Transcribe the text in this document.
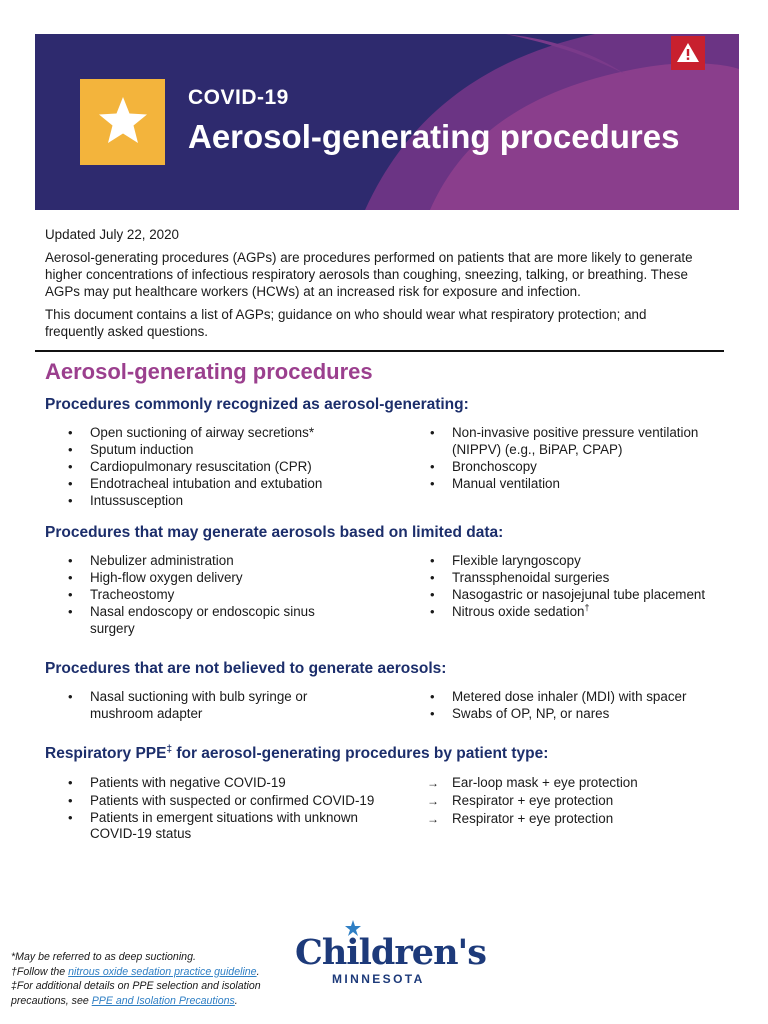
COVID-19
Aerosol-generating procedures
Updated July 22, 2020
Aerosol-generating procedures (AGPs) are procedures performed on patients that are more likely to generate higher concentrations of infectious respiratory aerosols than coughing, sneezing, talking, or breathing. These AGPs may put healthcare workers (HCWs) at an increased risk for exposure and infection.
This document contains a list of AGPs; guidance on who should wear what respiratory protection; and frequently asked questions.
Aerosol-generating procedures
Procedures commonly recognized as aerosol-generating:
• Open suctioning of airway secretions*
• Sputum induction
• Cardiopulmonary resuscitation (CPR)
• Endotracheal intubation and extubation
• Intussusception
• Non-invasive positive pressure ventilation (NIPPV) (e.g., BiPAP, CPAP)
• Bronchoscopy
• Manual ventilation
Procedures that may generate aerosols based on limited data:
• Nebulizer administration
• High-flow oxygen delivery
• Tracheostomy
• Nasal endoscopy or endoscopic sinus surgery
• Flexible laryngoscopy
• Transsphenoidal surgeries
• Nasogastric or nasojejunal tube placement
• Nitrous oxide sedation†
Procedures that are not believed to generate aerosols:
• Nasal suctioning with bulb syringe or mushroom adapter
• Metered dose inhaler (MDI) with spacer
• Swabs of OP, NP, or nares
Respiratory PPE‡ for aerosol-generating procedures by patient type:
• Patients with negative COVID-19
• Patients with suspected or confirmed COVID-19
• Patients in emergent situations with unknown COVID-19 status
→ Ear-loop mask + eye protection
→ Respirator + eye protection
→ Respirator + eye protection
*May be referred to as deep suctioning.
†Follow the nitrous oxide sedation practice guideline.
‡For additional details on PPE selection and isolation precautions, see PPE and Isolation Precautions.
Children's
MINNESOTA
